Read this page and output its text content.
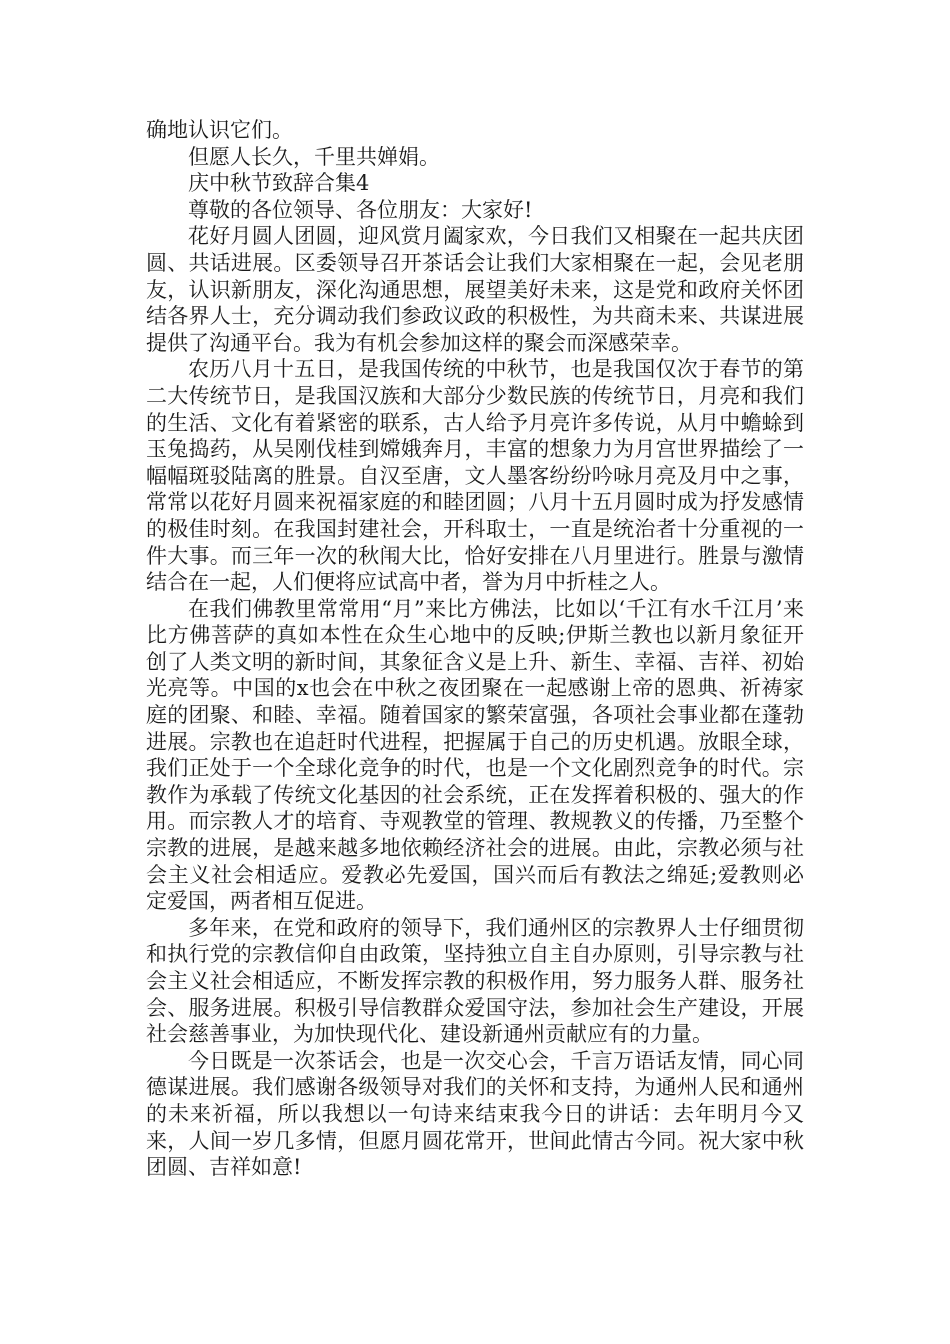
确地认识它们。

但愿人长久，千里共婵娟。

庆中秋节致辞合集4

尊敬的各位领导、各位朋友：大家好!

花好月圆人团圆，迎风赏月阖家欢，今日我们又相聚在一起共庆团圆、共话进展。区委领导召开茶话会让我们大家相聚在一起，会见老朋友，认识新朋友，深化沟通思想，展望美好未来，这是党和政府关怀团结各界人士，充分调动我们参政议政的积极性，为共商未来、共谋进展提供了沟通平台。我为有机会参加这样的聚会而深感荣幸。

农历八月十五日，是我国传统的中秋节，也是我国仅次于春节的第二大传统节日，是我国汉族和大部分少数民族的传统节日，月亮和我们的生活、文化有着紧密的联系，古人给予月亮许多传说，从月中蟾蜍到玉兔捣药，从吴刚伐桂到嫦娥奔月，丰富的想象力为月宫世界描绘了一幅幅斑驳陆离的胜景。自汉至唐，文人墨客纷纷吟咏月亮及月中之事，常常以花好月圆来祝福家庭的和睦团圆；八月十五月圆时成为抒发感情的极佳时刻。在我国封建社会，开科取士，一直是统治者十分重视的一件大事。而三年一次的秋闱大比，恰好安排在八月里进行。胜景与激情结合在一起，人们便将应试高中者，誉为月中折桂之人。

在我们佛教里常常用“月”来比方佛法，比如以‘千江有水千江月’来比方佛菩萨的真如本性在众生心地中的反映;伊斯兰教也以新月象征开创了人类文明的新时间，其象征含义是上升、新生、幸福、吉祥、初始光亮等。中国的x也会在中秋之夜团聚在一起感谢上帝的恩典、祈祷家庭的团聚、和睦、幸福。随着国家的繁荣富强，各项社会事业都在蓬勃进展。宗教也在追赶时代进程，把握属于自己的历史机遇。放眼全球，我们正处于一个全球化竞争的时代，也是一个文化剧烈竞争的时代。宗教作为承载了传统文化基因的社会系统，正在发挥着积极的、强大的作用。而宗教人才的培育、寺观教堂的管理、教规教义的传播，乃至整个宗教的进展，是越来越多地依赖经济社会的进展。由此，宗教必须与社会主义社会相适应。爱教必先爱国，国兴而后有教法之绵延;爱教则必定爱国，两者相互促进。

多年来，在党和政府的领导下，我们通州区的宗教界人士仔细贯彻和执行党的宗教信仰自由政策，坚持独立自主自办原则，引导宗教与社会主义社会相适应，不断发挥宗教的积极作用，努力服务人群、服务社会、服务进展。积极引导信教群众爱国守法，参加社会生产建设，开展社会慈善事业，为加快现代化、建设新通州贡献应有的力量。

今日既是一次茶话会，也是一次交心会，千言万语话友情，同心同德谋进展。我们感谢各级领导对我们的关怀和支持，为通州人民和通州的未来祈福，所以我想以一句诗来结束我今日的讲话：去年明月今又来，人间一岁几多情，但愿月圆花常开，世间此情古今同。祝大家中秋团圆、吉祥如意!
